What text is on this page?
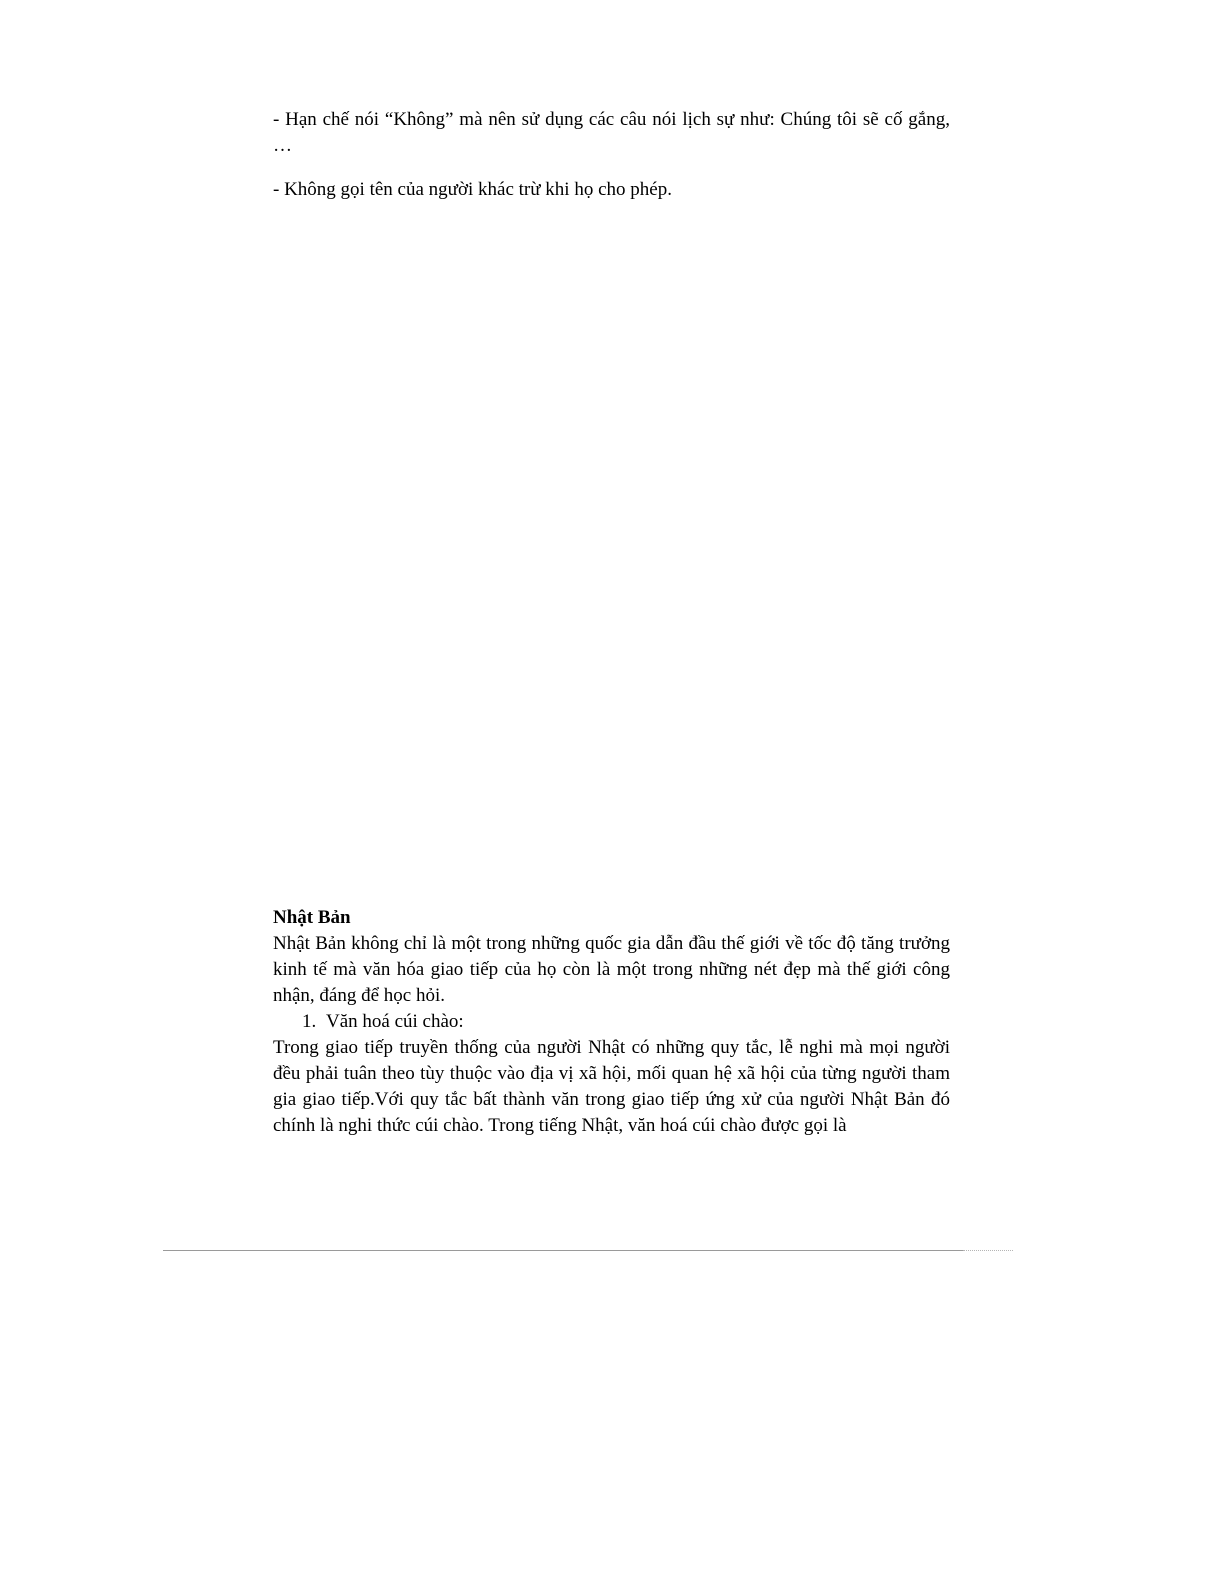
- Hạn chế nói “Không” mà nên sử dụng các câu nói lịch sự như: Chúng tôi sẽ cố gắng, …

- Không gọi tên của người khác trừ khi họ cho phép.

Nhật Bản

Nhật Bản không chỉ là một trong những quốc gia dẫn đầu thế giới về tốc độ tăng trưởng kinh tế mà văn hóa giao tiếp của họ còn là một trong những nét đẹp mà thế giới công nhận, đáng để học hỏi.

1. Văn hoá cúi chào:

Trong giao tiếp truyền thống của người Nhật có những quy tắc, lễ nghi mà mọi người đều phải tuân theo tùy thuộc vào địa vị xã hội, mối quan hệ xã hội của từng người tham gia giao tiếp.Với quy tắc bất thành văn trong giao tiếp ứng xử của người Nhật Bản đó chính là nghi thức cúi chào. Trong tiếng Nhật, văn hoá cúi chào được gọi là
